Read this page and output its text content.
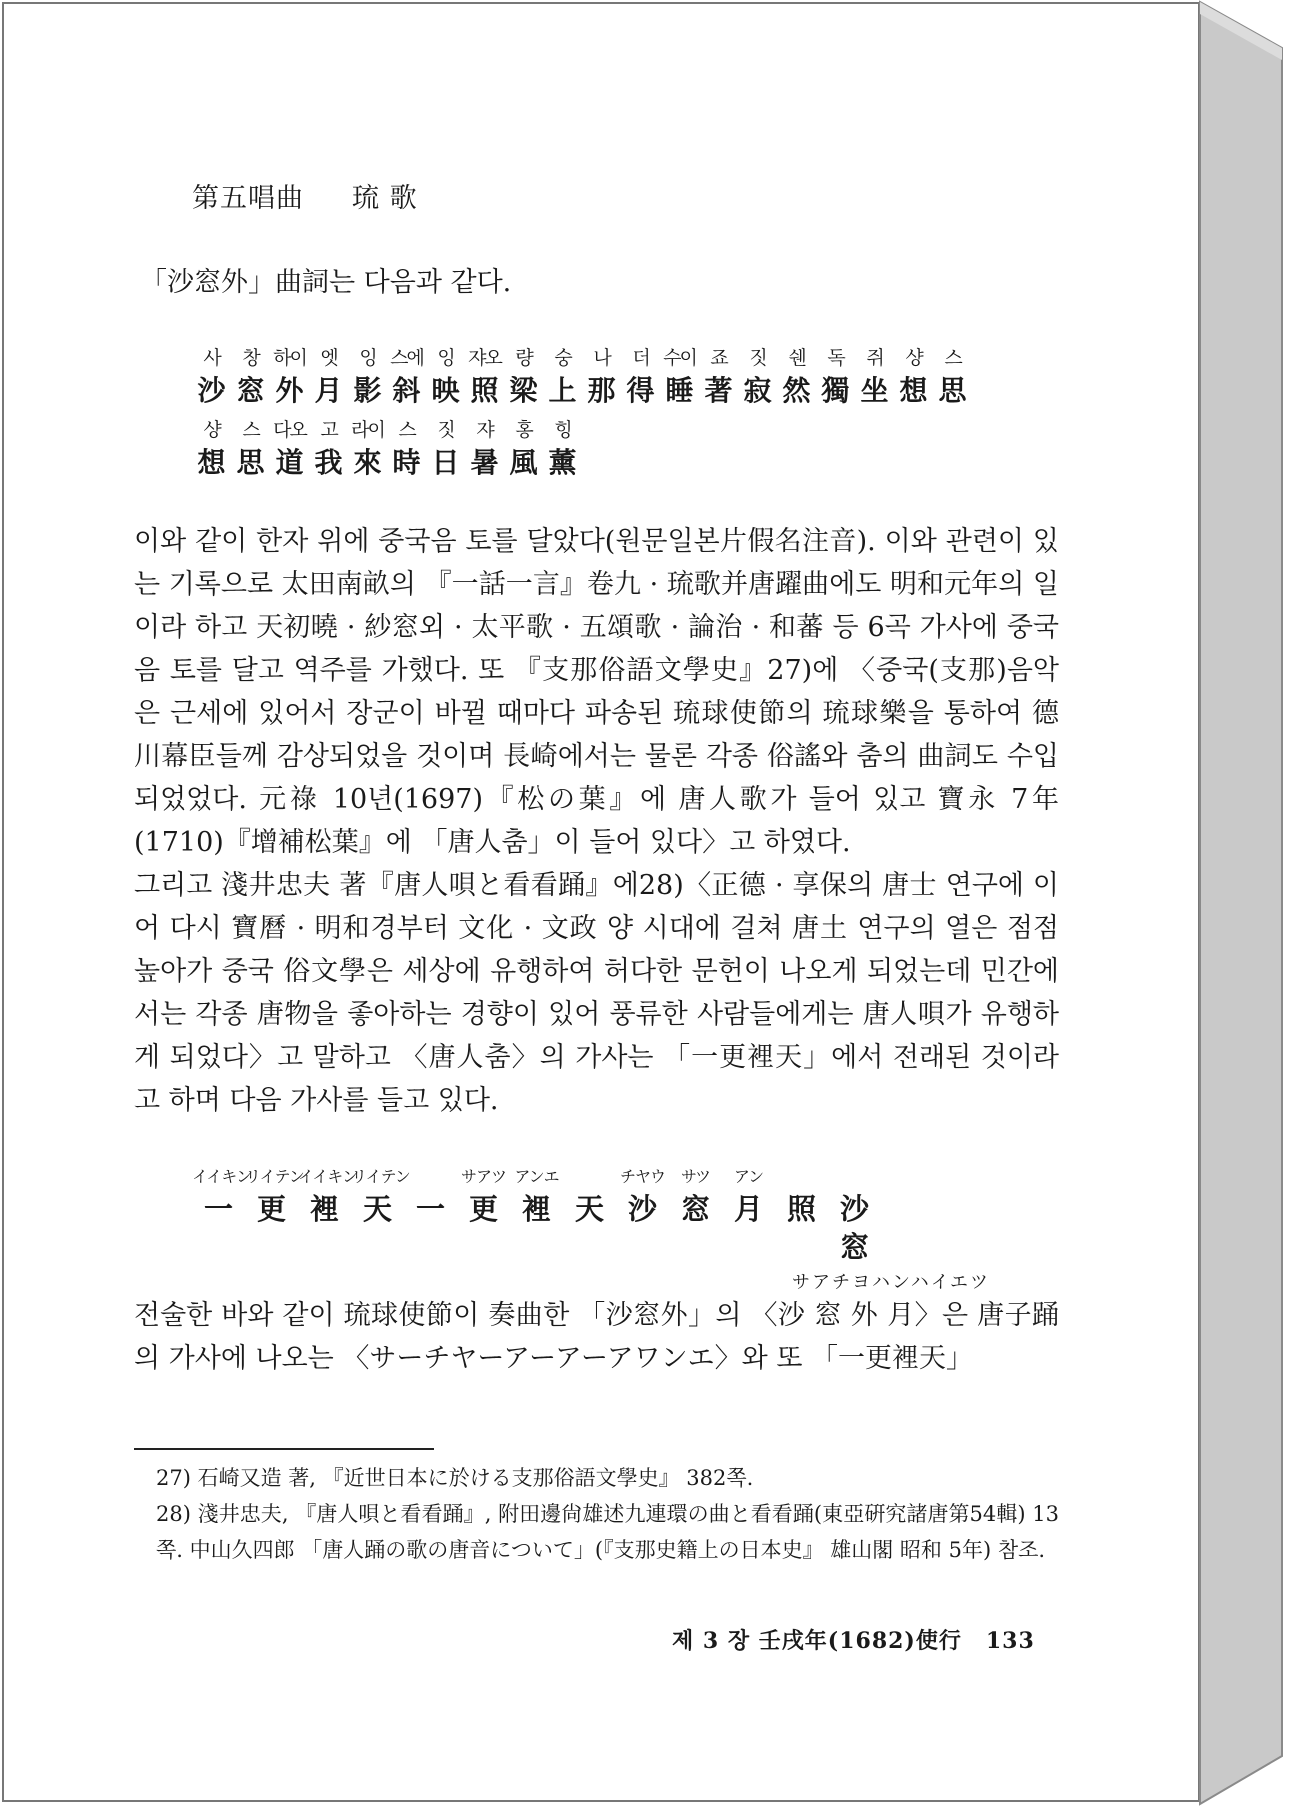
第五唱曲 琉 歌
「沙窓外」曲詞는 다음과 같다.
사	창 하이 엣	잉 스에 잉 쟈오 량	숭	나	더 수이 죠	짓	쉔	독	쥐	샹	스
沙 窓 外 月 影 斜 映 照 梁 上 那 得 睡 著 寂 然 獨 坐 想 思
샹	스 다오 고 라이 스	짓	쟈	홍	힝
想 思 道 我 來 時 日 暑 風 薰

이와 같이 한자 위에 중국음 토를 달았다(원문일본片假名注音). 이와 관련이 있는 기록으로 太田南畝의 『一話一言』卷九 · 琉歌并唐躍曲에도 明和元年의 일이라 하고 天初曉 · 紗窓외 · 太平歌 · 五頌歌 · 論治 · 和蕃 등 6곡 가사에 중국음 토를 달고 역주를 가했다. 또 『支那俗語文學史』27)에 〈중국(支那)음악은 근세에 있어서 장군이 바뀔 때마다 파송된 琉球使節의 琉球樂을 통하여 德川幕臣들께 감상되었을 것이며 長崎에서는 물론 각종 俗謠와 춤의 曲詞도 수입되었었다. 元祿 10년(1697)『松の葉』에 唐人歌가 들어 있고 寶永 7年(1710)『增補松葉』에 「唐人춤」이 들어 있다〉고 하였다.

그리고 淺井忠夫 著『唐人唄と看看踊』에28)〈正德 · 享保의 唐士 연구에 이어 다시 寶曆 · 明和경부터 文化 · 文政 양 시대에 걸쳐 唐土 연구의 열은 점점 높아가 중국 俗文學은 세상에 유행하여 허다한 문헌이 나오게 되었는데 민간에서는 각종 唐物을 좋아하는 경향이 있어 풍류한 사람들에게는 唐人唄가 유행하게 되었다〉고 말하고 〈唐人춤〉의 가사는 「一更裡天」에서 전래된 것이라고 하며 다음 가사를 들고 있다.

イイキン
リイテン
イイキン
リイテン	サアツ アンエ	チヤウ サツ	アン
一 更 裡 天 一 更 裡 天 沙 窓 月 照 沙 窓
サアチヨハンハイエツ

전술한 바와 같이 琉球使節이 奏曲한 「沙窓外」의 〈沙 窓 外 月〉은 唐子踊의 가사에 나오는 〈サーチヤーアーアーアワンエ〉와 또 「一更裡天」

27) 石崎又造 著, 『近世日本に於ける支那俗語文學史』 382쪽.

28) 淺井忠夫, 『唐人唄と看看踊』, 附田邊尙雄述九連環の曲と看看踊(東亞硏究諸唐第54輯) 13쪽. 中山久四郎 「唐人踊の歌の唐音について」(『支那史籍上の日本史』 雄山閣 昭和 5年) 참조.

제 3 장 壬戌年(1682)使行 133
